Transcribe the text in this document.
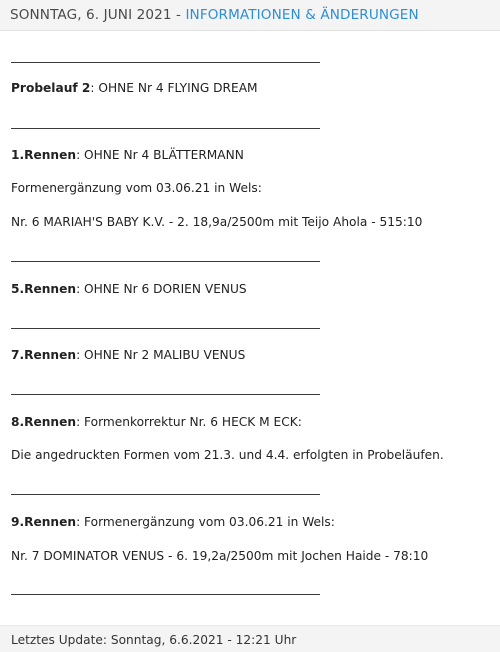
SONNTAG, 6. JUNI 2021 - INFORMATIONEN & ÄNDERUNGEN
Probelauf 2: OHNE Nr 4 FLYING DREAM
1.Rennen: OHNE Nr 4 BLÄTTERMANN
Formenergänzung vom 03.06.21 in Wels:
Nr. 6 MARIAH'S BABY K.V. - 2. 18,9a/2500m mit Teijo Ahola - 515:10
5.Rennen: OHNE Nr 6 DORIEN VENUS
7.Rennen: OHNE Nr 2 MALIBU VENUS
8.Rennen: Formenkorrektur Nr. 6 HECK M ECK:
Die angedruckten Formen vom 21.3. und 4.4. erfolgten in Probeläufen.
9.Rennen: Formenergänzung vom 03.06.21 in Wels:
Nr. 7 DOMINATOR VENUS - 6. 19,2a/2500m mit Jochen Haide - 78:10
Letztes Update: Sonntag, 6.6.2021 - 12:21 Uhr
